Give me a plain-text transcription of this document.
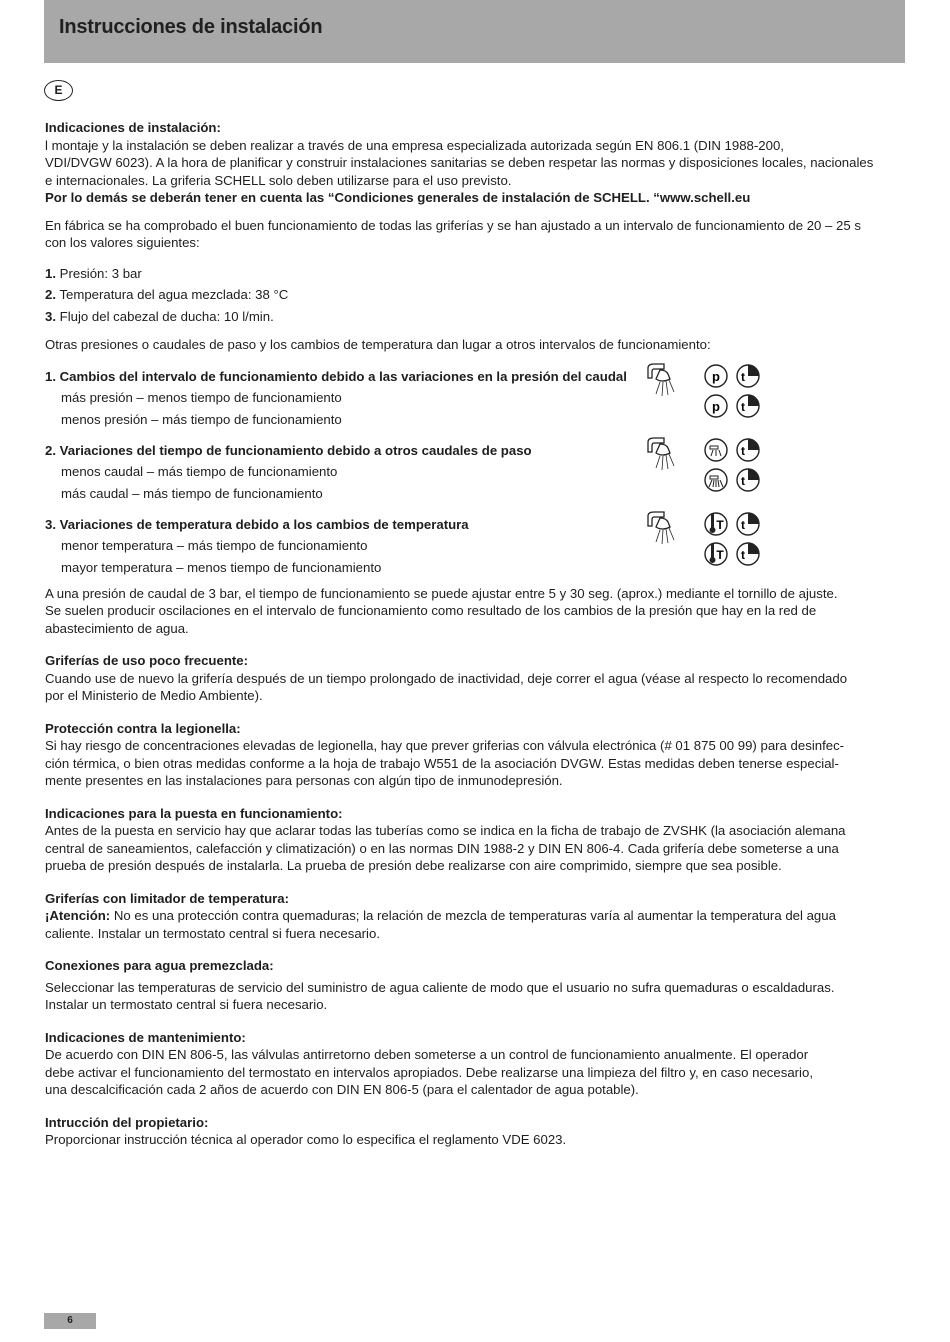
Instrucciones de instalación
E

Indicaciones de instalación:

l montaje y la instalación se deben realizar a través de una empresa especializada autorizada según EN 806.1 (DIN 1988-200,

VDI/DVGW 6023). A la hora de planificar y construir instalaciones sanitarias se deben respetar las normas y disposiciones locales, nacionales

e internacionales. La griferia SCHELL solo deben utilizarse para el uso previsto.

Por lo demás se deberán tener en cuenta las “Condiciones generales de instalación de SCHELL. “www.schell.eu

En fábrica se ha comprobado el buen funcionamiento de todas las griferías y se han ajustado a un intervalo de funcionamiento de 20 – 25 s

con los valores siguientes:

1. Presión: 3 bar
2. Temperatura del agua mezclada: 38 °C
3. Flujo del cabezal de ducha: 10 l/min.

Otras presiones o caudales de paso y los cambios de temperatura dan lugar a otros intervalos de funcionamiento:

1. Cambios del intervalo de funcionamiento debido a las variaciones en la presión del caudal
más presión – menos tiempo de funcionamiento
menos presión – más tiempo de funcionamiento
p
p
t
t
2. Variaciones del tiempo de funcionamiento debido a otros caudales de paso
menos caudal – más tiempo de funcionamiento
más caudal – más tiempo de funcionamiento
t
t
3. Variaciones de temperatura debido a los cambios de temperatura
menor temperatura – más tiempo de funcionamiento
mayor temperatura – menos tiempo de funcionamiento
T
T
t
t

A una presión de caudal de 3 bar, el tiempo de funcionamiento se puede ajustar entre 5 y 30 seg. (aprox.) mediante el tornillo de ajuste.

Se suelen producir oscilaciones en el intervalo de funcionamiento como resultado de los cambios de la presión que hay en la red de

abastecimiento de agua.

Griferías de uso poco frecuente:

Cuando use de nuevo la grifería después de un tiempo prolongado de inactividad, deje correr el agua (véase al respecto lo recomendado

por el Ministerio de Medio Ambiente).

Protección contra la legionella:

Si hay riesgo de concentraciones elevadas de legionella, hay que prever griferias con válvula electrónica (# 01 875 00 99) para desinfec-

ción térmica, o bien otras medidas conforme a la hoja de trabajo W551 de la asociación DVGW. Estas medidas deben tenerse especial-

mente presentes en las instalaciones para personas con algún tipo de inmunodepresión.

Indicaciones para la puesta en funcionamiento:

Antes de la puesta en servicio hay que aclarar todas las tuberías como se indica en la ficha de trabajo de ZVSHK (la asociación alemana

central de saneamientos, calefacción y climatización) o en las normas DIN 1988-2 y DIN EN 806-4. Cada grifería debe someterse a una

prueba de presión después de instalarla. La prueba de presión debe realizarse con aire comprimido, siempre que sea posible.

Griferías con limitador de temperatura:

¡Atención: No es una protección contra quemaduras; la relación de mezcla de temperaturas varía al aumentar la temperatura del agua

caliente. Instalar un termostato central si fuera necesario.

Conexiones para agua premezclada:

Seleccionar las temperaturas de servicio del suministro de agua caliente de modo que el usuario no sufra quemaduras o escaldaduras.

Instalar un termostato central si fuera necesario.

Indicaciones de mantenimiento:

De acuerdo con DIN EN 806-5, las válvulas antirretorno deben someterse a un control de funcionamiento anualmente. El operador

debe activar el funcionamiento del termostato en intervalos apropiados. Debe realizarse una limpieza del filtro y, en caso necesario,

una descalcificación cada 2 años de acuerdo con DIN EN 806-5 (para el calentador de agua potable).

Intrucción del propietario:

Proporcionar instrucción técnica al operador como lo especifica el reglamento VDE 6023.

6
